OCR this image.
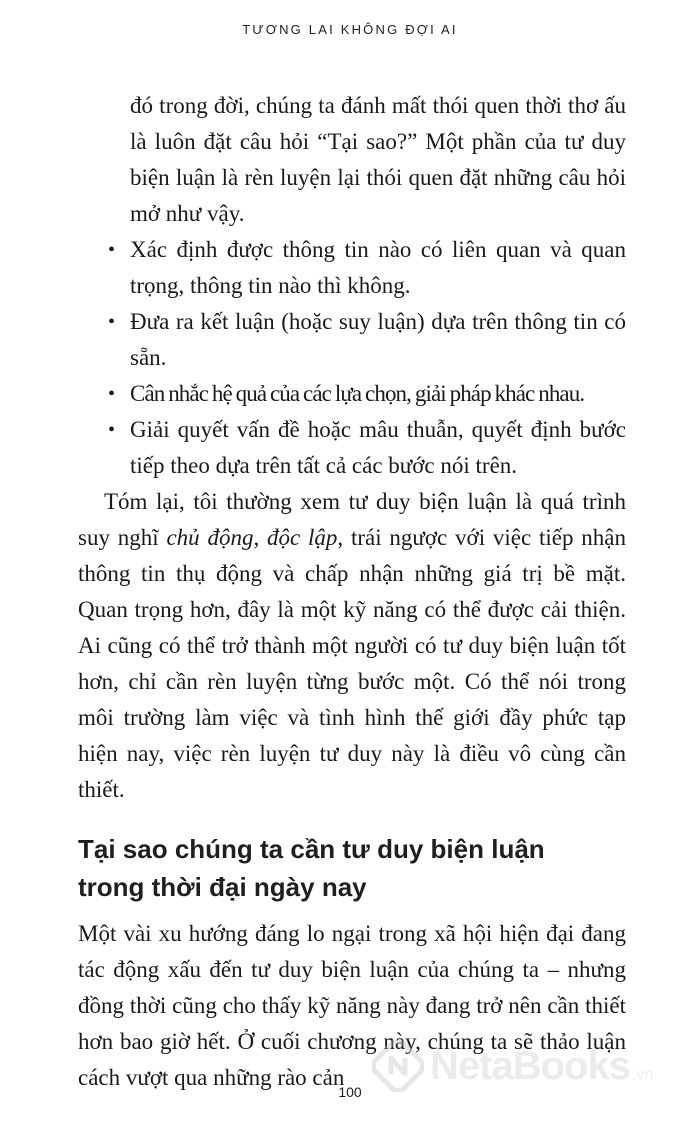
TƯƠNG LAI KHÔNG ĐỢI AI

đó trong đời, chúng ta đánh mất thói quen thời thơ ấu là luôn đặt câu hỏi “Tại sao?” Một phần của tư duy biện luận là rèn luyện lại thói quen đặt những câu hỏi mở như vậy.

• Xác định được thông tin nào có liên quan và quan trọng, thông tin nào thì không.
• Đưa ra kết luận (hoặc suy luận) dựa trên thông tin có sẵn.
• Cân nhắc hệ quả của các lựa chọn, giải pháp khác nhau.
• Giải quyết vấn đề hoặc mâu thuẫn, quyết định bước tiếp theo dựa trên tất cả các bước nói trên.

Tóm lại, tôi thường xem tư duy biện luận là quá trình suy nghĩ chủ động, độc lập, trái ngược với việc tiếp nhận thông tin thụ động và chấp nhận những giá trị bề mặt. Quan trọng hơn, đây là một kỹ năng có thể được cải thiện. Ai cũng có thể trở thành một người có tư duy biện luận tốt hơn, chỉ cần rèn luyện từng bước một. Có thể nói trong môi trường làm việc và tình hình thế giới đầy phức tạp hiện nay, việc rèn luyện tư duy này là điều vô cùng cần thiết.

Tại sao chúng ta cần tư duy biện luận trong thời đại ngày nay

Một vài xu hướng đáng lo ngại trong xã hội hiện đại đang tác động xấu đến tư duy biện luận của chúng ta – nhưng đồng thời cũng cho thấy kỹ năng này đang trở nên cần thiết hơn bao giờ hết. Ở cuối chương này, chúng ta sẽ thảo luận cách vượt qua những rào cản	NetaBooks .vn
100
